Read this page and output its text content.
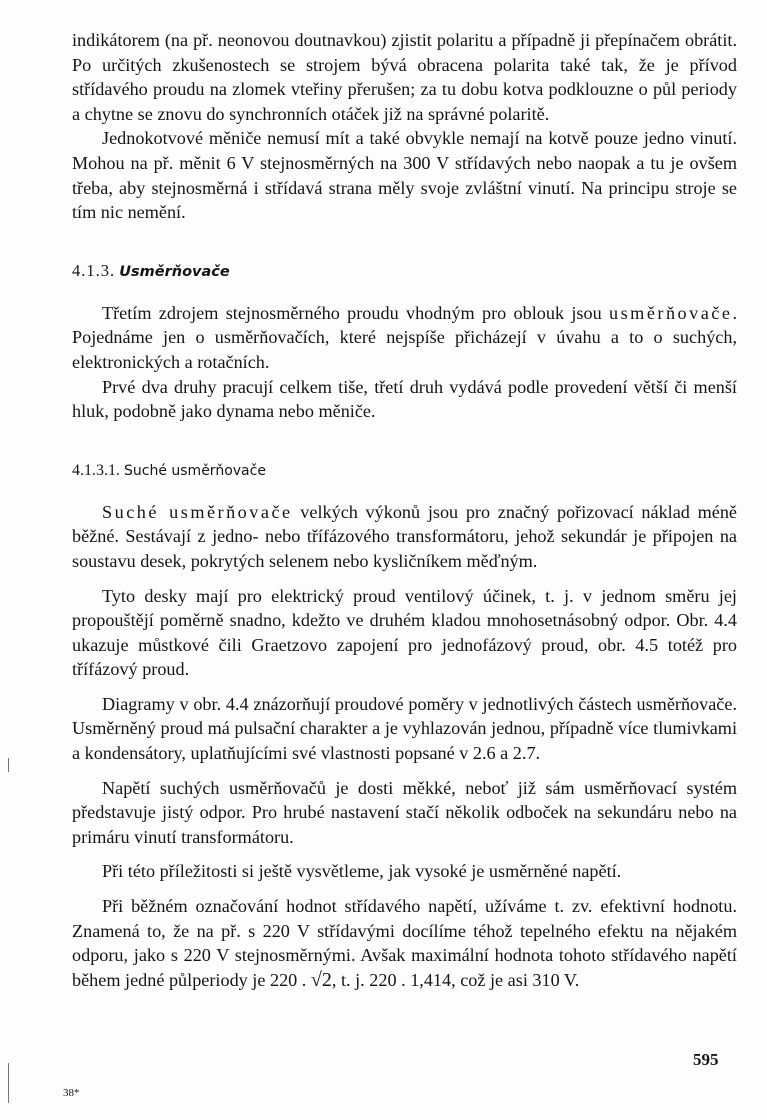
indikátorem (na př. neonovou doutnavkou) zjistit polaritu a případně ji přepínačem obrátit. Po určitých zkušenostech se strojem bývá obracena polarita také tak, že je přívod střídavého proudu na zlomek vteřiny přerušen; za tu dobu kotva podklouzne o půl periody a chytne se znovu do synchronních otáček již na správné polaritě.

Jednokotvové měniče nemusí mít a také obvykle nemají na kotvě pouze jedno vinutí. Mohou na př. měnit 6 V stejnosměrných na 300 V střídavých nebo naopak a tu je ovšem třeba, aby stejnosměrná i střídavá strana měly svoje zvláštní vinutí. Na principu stroje se tím nic nemění.

4.1.3. Usměrňovače

Třetím zdrojem stejnosměrného proudu vhodným pro oblouk jsou usměrňovače. Pojednáme jen o usměrňovačích, které nejspíše přicházejí v úvahu a to o suchých, elektronických a rotačních.

Prvé dva druhy pracují celkem tiše, třetí druh vydává podle provedení větší či menší hluk, podobně jako dynama nebo měniče.

4.1.3.1. Suché usměrňovače

Suché usměrňovače velkých výkonů jsou pro značný pořizovací náklad méně běžné. Sestávají z jedno- nebo třífázového transformátoru, jehož sekundár je připojen na soustavu desek, pokrytých selenem nebo kysličníkem měďným.

Tyto desky mají pro elektrický proud ventilový účinek, t. j. v jednom směru jej propouštějí poměrně snadno, kdežto ve druhém kladou mnohosetnásobný odpor. Obr. 4.4 ukazuje můstkové čili Graetzovo zapojení pro jednofázový proud, obr. 4.5 totéž pro třífázový proud.

Diagramy v obr. 4.4 znázorňují proudové poměry v jednotlivých částech usměrňovače. Usměrněný proud má pulsační charakter a je vyhlazován jednou, případně více tlumivkami a kondensátory, uplatňujícími své vlastnosti popsané v 2.6 a 2.7.

Napětí suchých usměrňovačů je dosti měkké, neboť již sám usměrňovací systém představuje jistý odpor. Pro hrubé nastavení stačí několik odboček na sekundáru nebo na primáru vinutí transformátoru.

Při této příležitosti si ještě vysvětleme, jak vysoké je usměrněné napětí.

Při běžném označování hodnot střídavého napětí, užíváme t. zv. efektivní hodnotu. Znamená to, že na př. s 220 V střídavými docílíme téhož tepelného efektu na nějakém odporu, jako s 220 V stejnosměrnými. Avšak maximální hodnota tohoto střídavého napětí během jedné půlperiody je 220 . √2, t. j. 220 . 1,414, což je asi 310 V.

38*
595
